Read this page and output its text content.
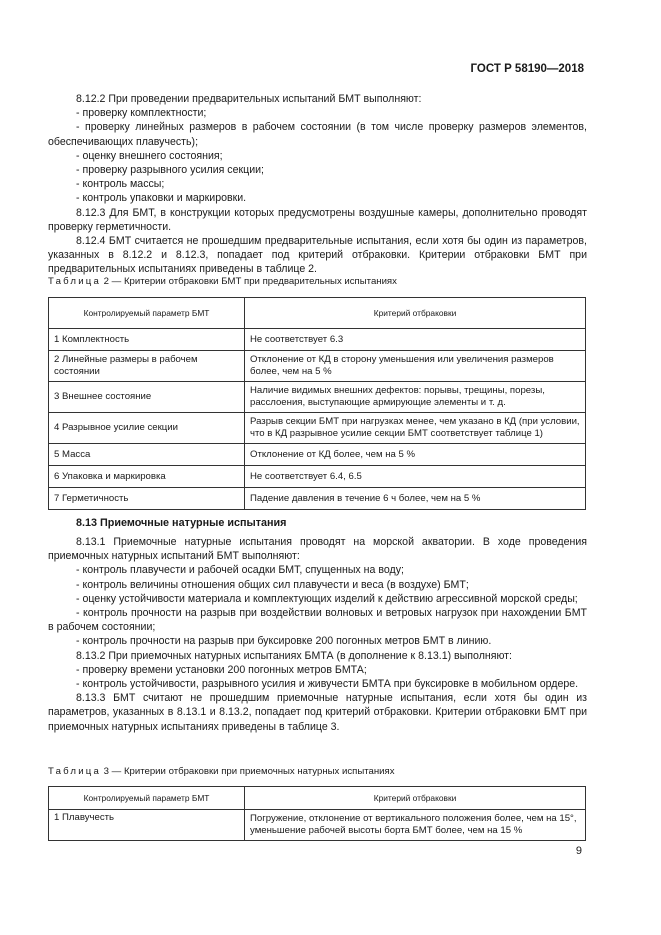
ГОСТ Р 58190—2018
8.12.2 При проведении предварительных испытаний БМТ выполняют:
- проверку комплектности;
- проверку линейных размеров в рабочем состоянии (в том числе проверку размеров элементов, обеспечивающих плавучесть);
- оценку внешнего состояния;
- проверку разрывного усилия секции;
- контроль массы;
- контроль упаковки и маркировки.
8.12.3 Для БМТ, в конструкции которых предусмотрены воздушные камеры, дополнительно проводят проверку герметичности.
8.12.4 БМТ считается не прошедшим предварительные испытания, если хотя бы один из параметров, указанных в 8.12.2 и 8.12.3, попадает под критерий отбраковки. Критерии отбраковки БМТ при предварительных испытаниях приведены в таблице 2.
Таблица 2 — Критерии отбраковки БМТ при предварительных испытаниях
Контролируемый параметр БМТ	Критерий отбраковки
1 Комплектность	Не соответствует 6.3
2 Линейные размеры в рабочем состоянии	Отклонение от КД в сторону уменьшения или увеличения размеров более, чем на 5 %
3 Внешнее состояние	Наличие видимых внешних дефектов: порывы, трещины, порезы, расслоения, выступающие армирующие элементы и т. д.
4 Разрывное усилие секции	Разрыв секции БМТ при нагрузках менее, чем указано в КД (при условии, что в КД разрывное усилие секции БМТ соответствует таблице 1)
5 Масса	Отклонение от КД более, чем на 5 %
6 Упаковка и маркировка	Не соответствует 6.4, 6.5
7 Герметичность	Падение давления в течение 6 ч более, чем на 5 %
8.13 Приемочные натурные испытания
8.13.1 Приемочные натурные испытания проводят на морской акватории. В ходе проведения приемочных натурных испытаний БМТ выполняют:
- контроль плавучести и рабочей осадки БМТ, спущенных на воду;
- контроль величины отношения общих сил плавучести и веса (в воздухе) БМТ;
- оценку устойчивости материала и комплектующих изделий к действию агрессивной морской среды;
- контроль прочности на разрыв при воздействии волновых и ветровых нагрузок при нахождении БМТ в рабочем состоянии;
- контроль прочности на разрыв при буксировке 200 погонных метров БМТ в линию.
8.13.2 При приемочных натурных испытаниях БМТА (в дополнение к 8.13.1) выполняют:
- проверку времени установки 200 погонных метров БМТА;
- контроль устойчивости, разрывного усилия и живучести БМТА при буксировке в мобильном ордере.
8.13.3 БМТ считают не прошедшим приемочные натурные испытания, если хотя бы один из параметров, указанных в 8.13.1 и 8.13.2, попадает под критерий отбраковки. Критерии отбраковки БМТ при приемочных натурных испытаниях приведены в таблице 3.
Таблица 3 — Критерии отбраковки при приемочных натурных испытаниях
Контролируемый параметр БМТ	Критерий отбраковки
1 Плавучесть	Погружение, отклонение от вертикального положения более, чем на 15°, уменьшение рабочей высоты борта БМТ более, чем на 15 %
9
